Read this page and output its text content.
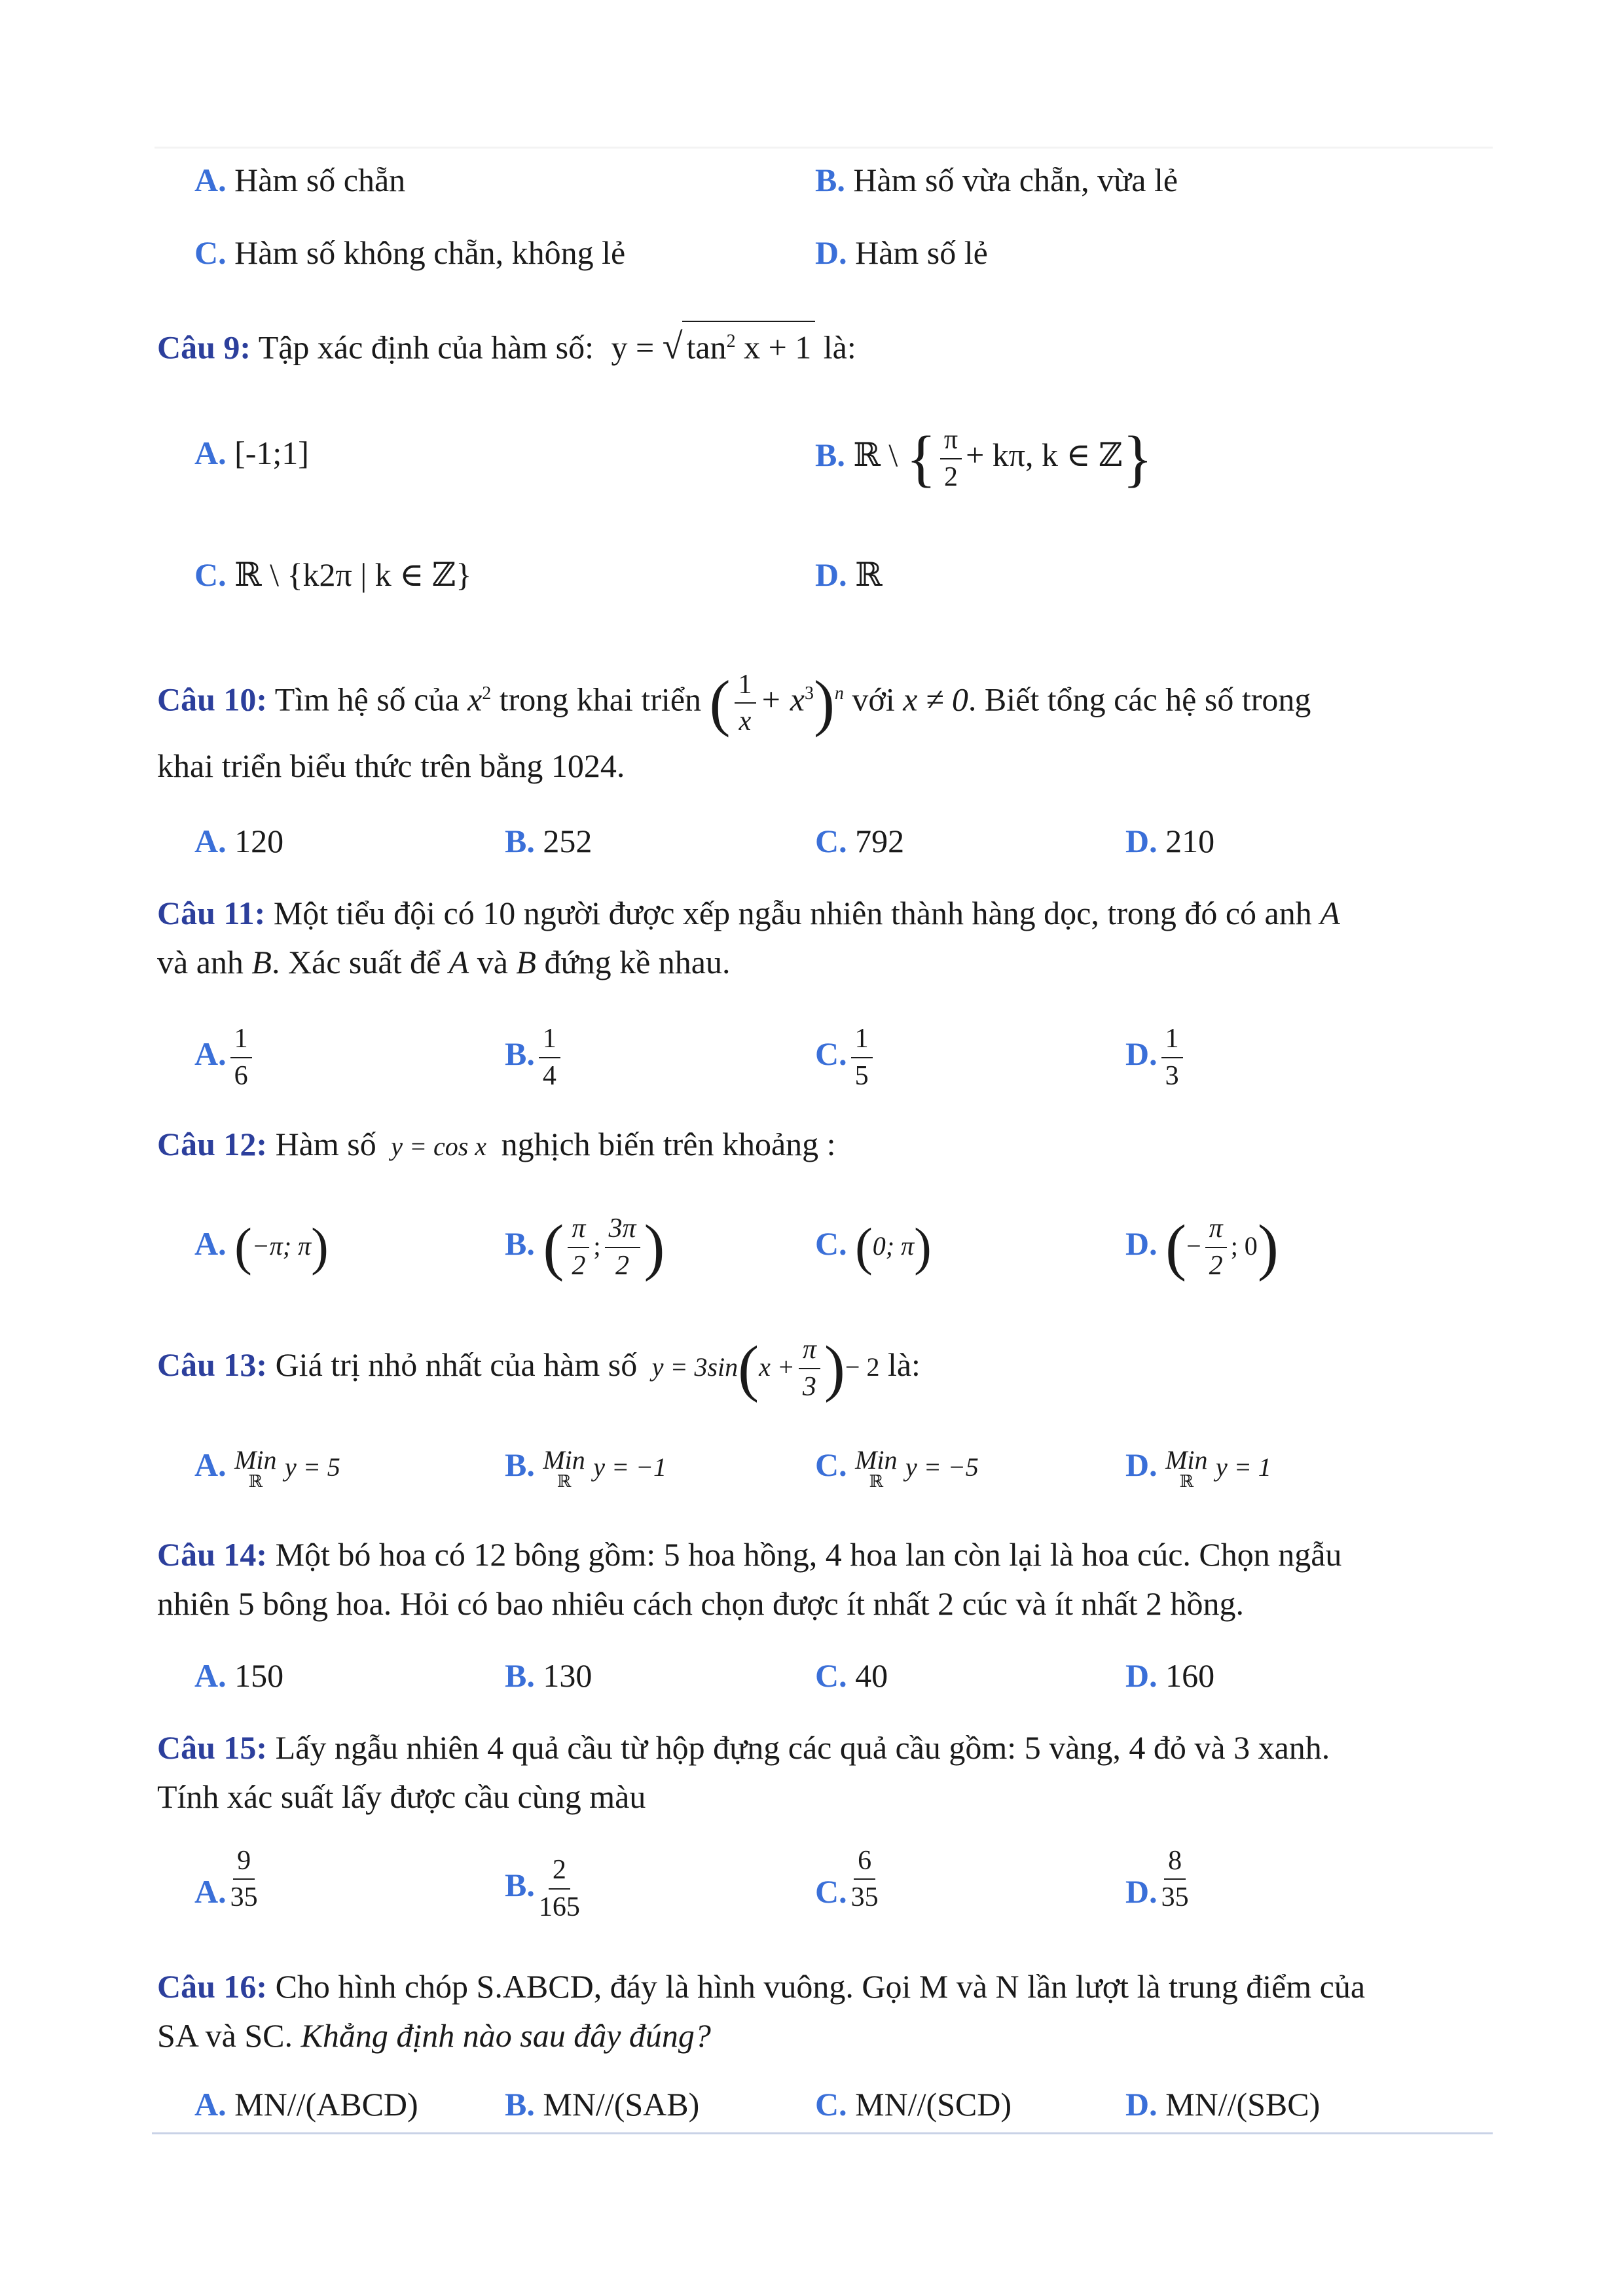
A. Hàm số chẵn	B. Hàm số vừa chẵn, vừa lẻ
C. Hàm số không chẵn, không lẻ	D. Hàm số lẻ
Câu 9: Tập xác định của hàm số: y = √ $\tan^2 x + 1$ là:
A. [-1;1]	B. ℝ \ { $\frac{\pi}{2} + k\pi$, k ∈ ℤ}
C. ℝ \ {k2π | k ∈ ℤ}	D. ℝ
Câu 10: Tìm hệ số của $x^2$ trong khai triển ( $\frac{1}{x} + x^3)^n$ với x ≠ 0. Biết tổng các hệ số trong
khai triển biểu thức trên bằng 1024.
A. 120	B. 252	C. 792	D. 210
Câu 11: Một tiểu đội có 10 người được xếp ngẫu nhiên thành hàng dọc, trong đó có anh A
và anh B. Xác suất để A và B đứng kề nhau.
A. $\frac{1}{6}$	B. $\frac{1}{4}$	C. $\frac{1}{5}$	D. $\frac{1}{3}$
Câu 12: Hàm số y = cos x nghịch biến trên khoảng :
A. (−π; π)	B. ( $\frac{\pi}{2}$ ; $\frac{3\pi}{2}$ )	C. (0; π)	D. (− $\frac{\pi}{2}$ ; 0)
Câu 13: Giá trị nhỏ nhất của hàm số $y = 3\sin(x + \frac{\pi}{3}$ )− 2 là:
A. Min
ℝ y = 5	B. Min
ℝ y = −1	C. Min
ℝ y = −5	D. Min
ℝ y = 1
Câu 14: Một bó hoa có 12 bông gồm: 5 hoa hồng, 4 hoa lan còn lại là hoa cúc. Chọn ngẫu
nhiên 5 bông hoa. Hỏi có bao nhiêu cách chọn được ít nhất 2 cúc và ít nhất 2 hồng.
A. 150	B. 130	C. 40	D. 160
Câu 15: Lấy ngẫu nhiên 4 quả cầu từ hộp đựng các quả cầu gồm: 5 vàng, 4 đỏ và 3 xanh.
Tính xác suất lấy được cầu cùng màu
A. $\frac{9}{35}$	B. $\frac{2}{165}$	C. $\frac{6}{35}$	D. $\frac{8}{35}$
Câu 16: Cho hình chóp S.ABCD, đáy là hình vuông. Gọi M và N lần lượt là trung điểm của
SA và SC. Khẳng định nào sau đây đúng?
A. MN//(ABCD)	B. MN//(SAB)	C. MN//(SCD)	D. MN//(SBC)
